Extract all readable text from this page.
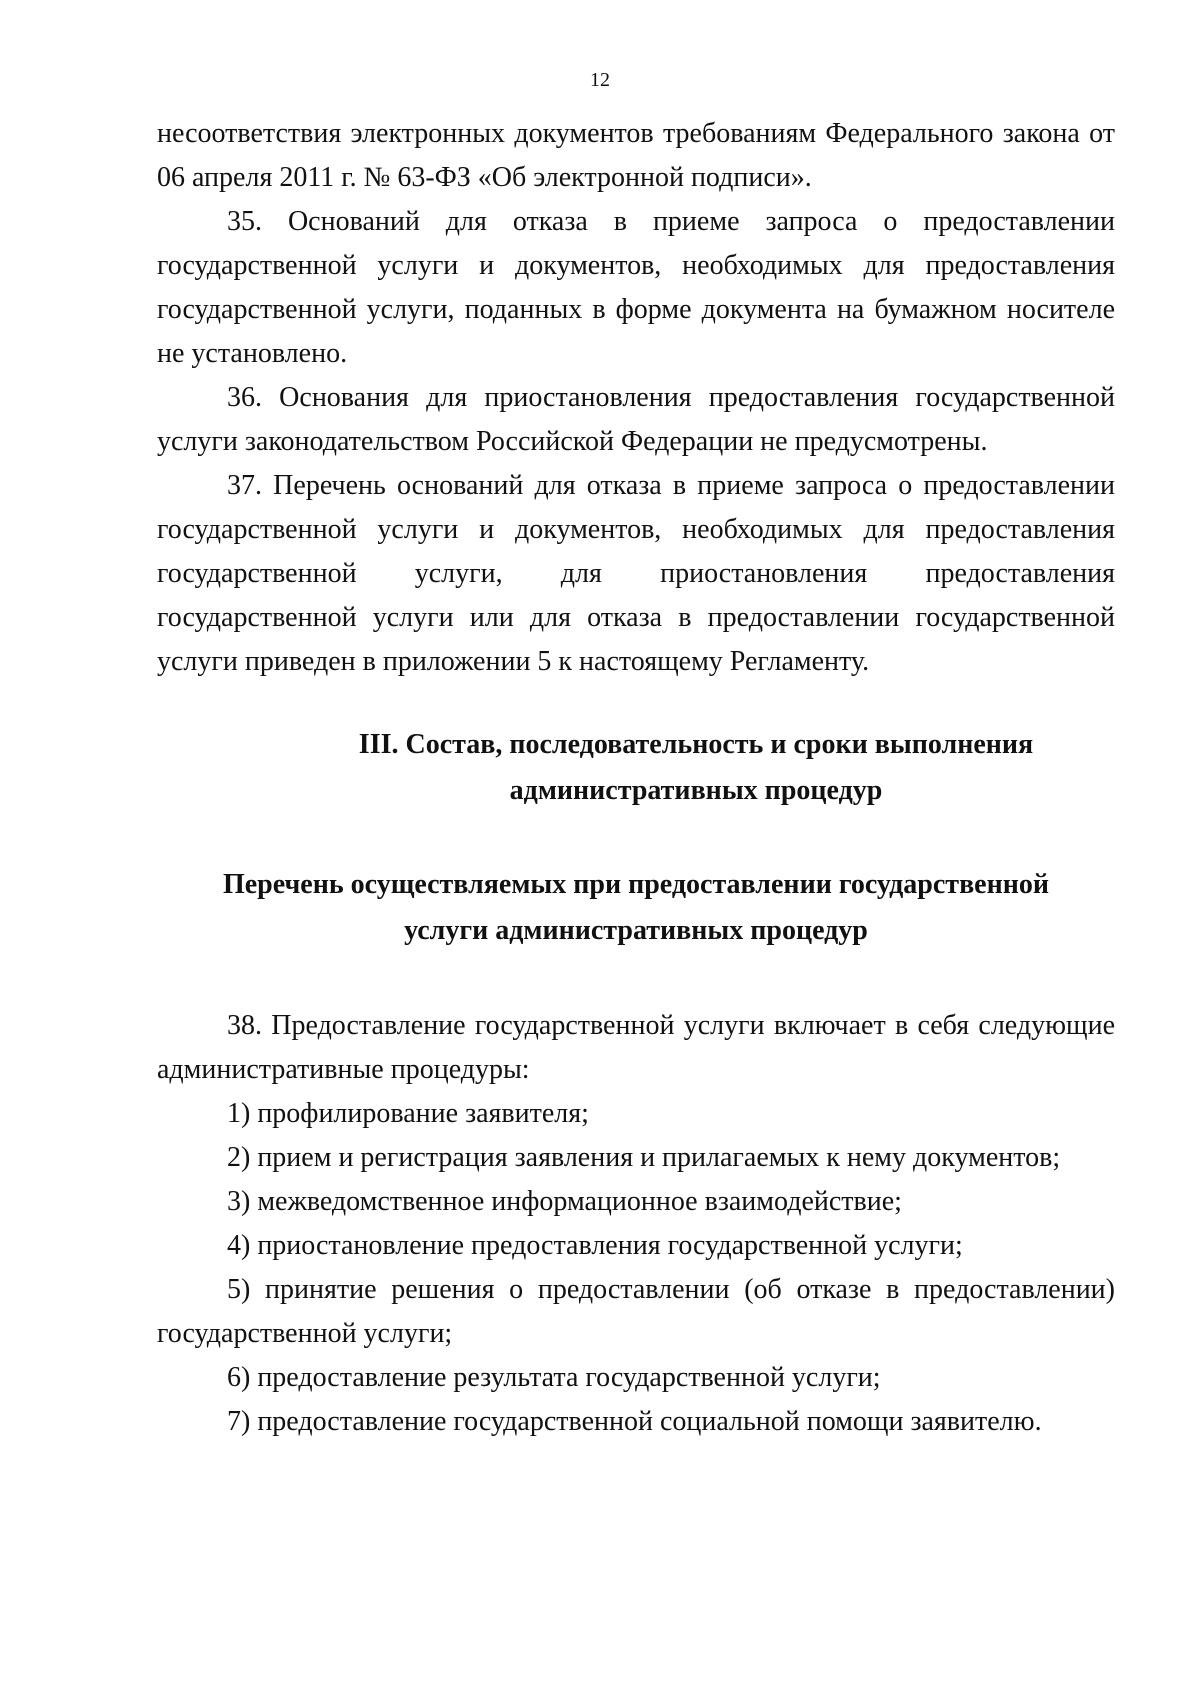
12

несоответствия электронных документов требованиям Федерального закона от 06 апреля 2011 г. № 63-ФЗ «Об электронной подписи».

35. Оснований для отказа в приеме запроса о предоставлении государственной услуги и документов, необходимых для предоставления государственной услуги, поданных в форме документа на бумажном носителе не установлено.

36. Основания для приостановления предоставления государственной услуги законодательством Российской Федерации не предусмотрены.

37. Перечень оснований для отказа в приеме запроса о предоставлении государственной услуги и документов, необходимых для предоставления государственной услуги, для приостановления предоставления государственной услуги или для отказа в предоставлении государственной услуги приведен в приложении 5 к настоящему Регламенту.

III. Состав, последовательность и сроки выполнения
административных процедур
Перечень осуществляемых при предоставлении государственной
услуги административных процедур

38. Предоставление государственной услуги включает в себя следующие административные процедуры:

1) профилирование заявителя;

2) прием и регистрация заявления и прилагаемых к нему документов;

3) межведомственное информационное взаимодействие;

4) приостановление предоставления государственной услуги;

5) принятие решения о предоставлении (об отказе в предоставлении) государственной услуги;

6) предоставление результата государственной услуги;

7) предоставление государственной социальной помощи заявителю.
